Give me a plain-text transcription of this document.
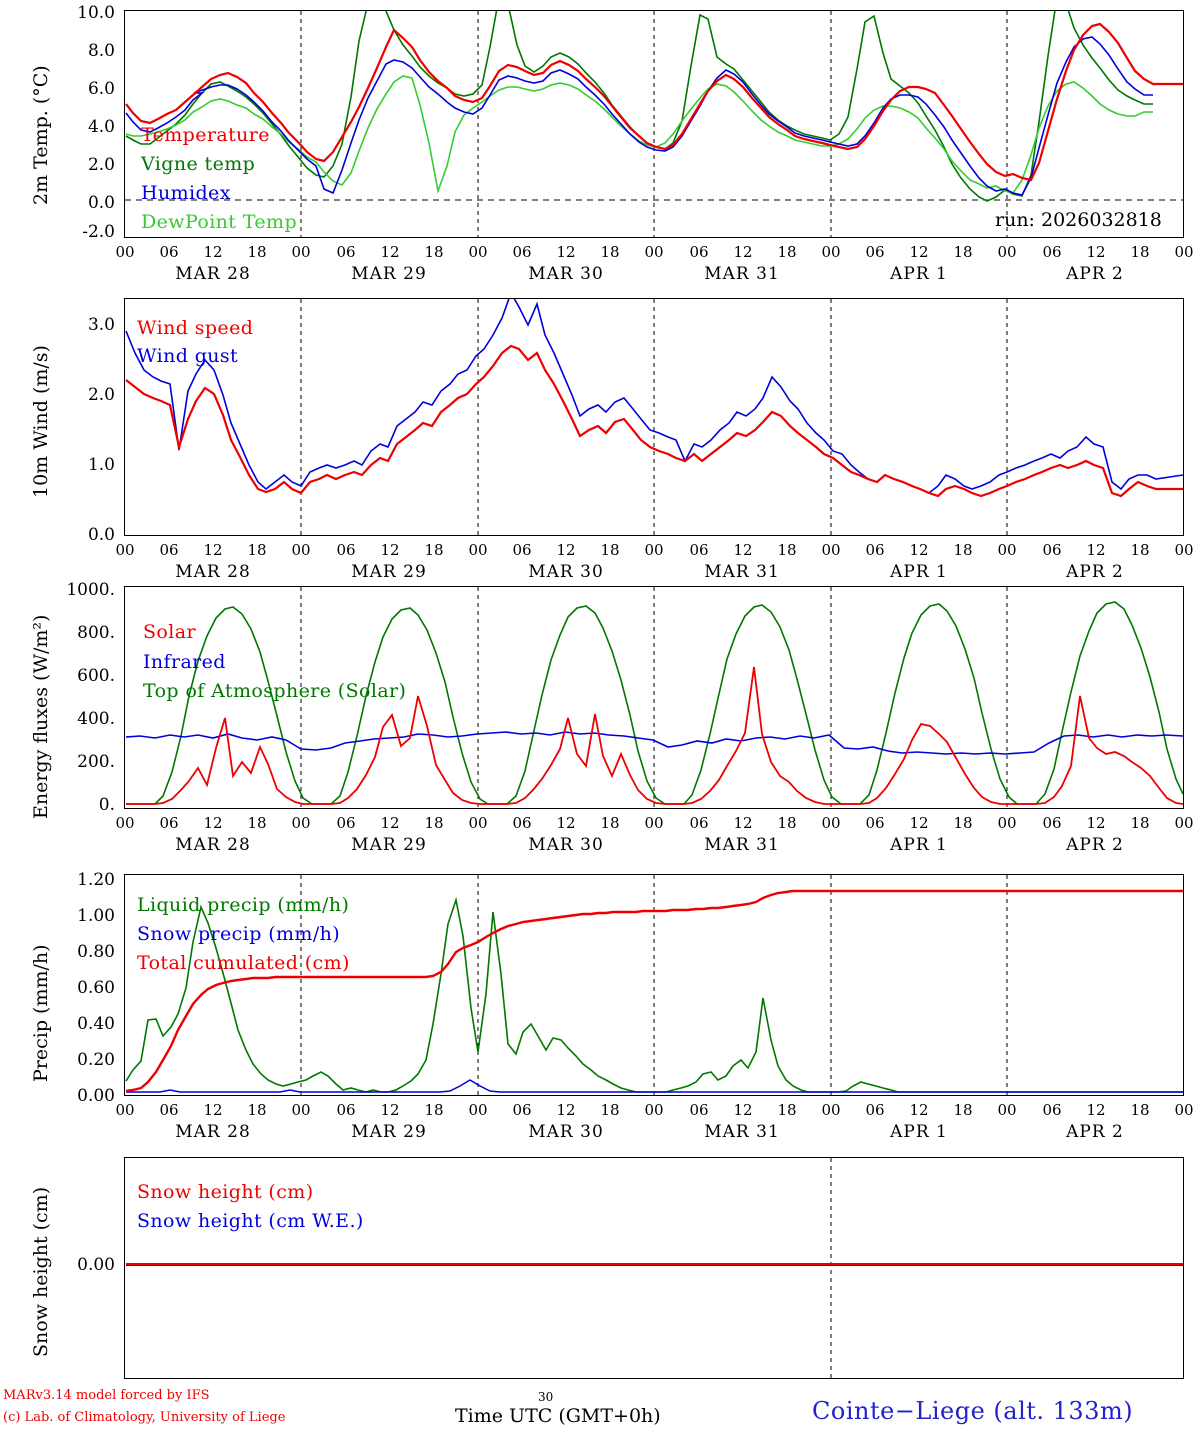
2m Temp. (°C)
10.0
8.0
6.0
4.0
2.0
0.0
-2.0
Temperature
Vigne temp
Humidex
DewPoint Temp	run: 2026032818
00	06	12	18	00	06	12	18	00	06	12	18	00	06	12	18	00	06	12	18	00	06	12	18	00
MAR 28	MAR 29	MAR 30	MAR 31	APR 1	APR 2
10m Wind (m/s)
3.0
2.0
1.0
0.0
Wind speed
Wind gust
00	06	12	18	00	06	12	18	00	06	12	18	00	06	12	18	00	06	12	18	00	06	12	18	00
MAR 28	MAR 29	MAR 30	MAR 31	APR 1	APR 2
Energy fluxes (W/m²)
1000.
800.
600.
400.
200.
0.
Solar
Infrared
Top of Atmosphere (Solar)
00	06	12	18	00	06	12	18	00	06	12	18	00	06	12	18	00	06	12	18	00	06	12	18	00
MAR 28	MAR 29	MAR 30	MAR 31	APR 1	APR 2
Precip (mm/h)
1.20
1.00
0.80
0.60
0.40
0.20
0.00
Liquid precip (mm/h)
Snow precip (mm/h)
Total cumulated (cm)
00	06	12	18	00	06	12	18	00	06	12	18	00	06	12	18	00	06	12	18	00	06	12	18	00
MAR 28	MAR 29	MAR 30	MAR 31	APR 1	APR 2
Snow height (cm)	0.00
Snow height (cm)
Snow height (cm W.E.)
30
Time UTC (GMT+0h)
MARv3.14 model forced by IFS
(c) Lab. of Climatology, University of Liege	Cointe−Liege (alt. 133m)
